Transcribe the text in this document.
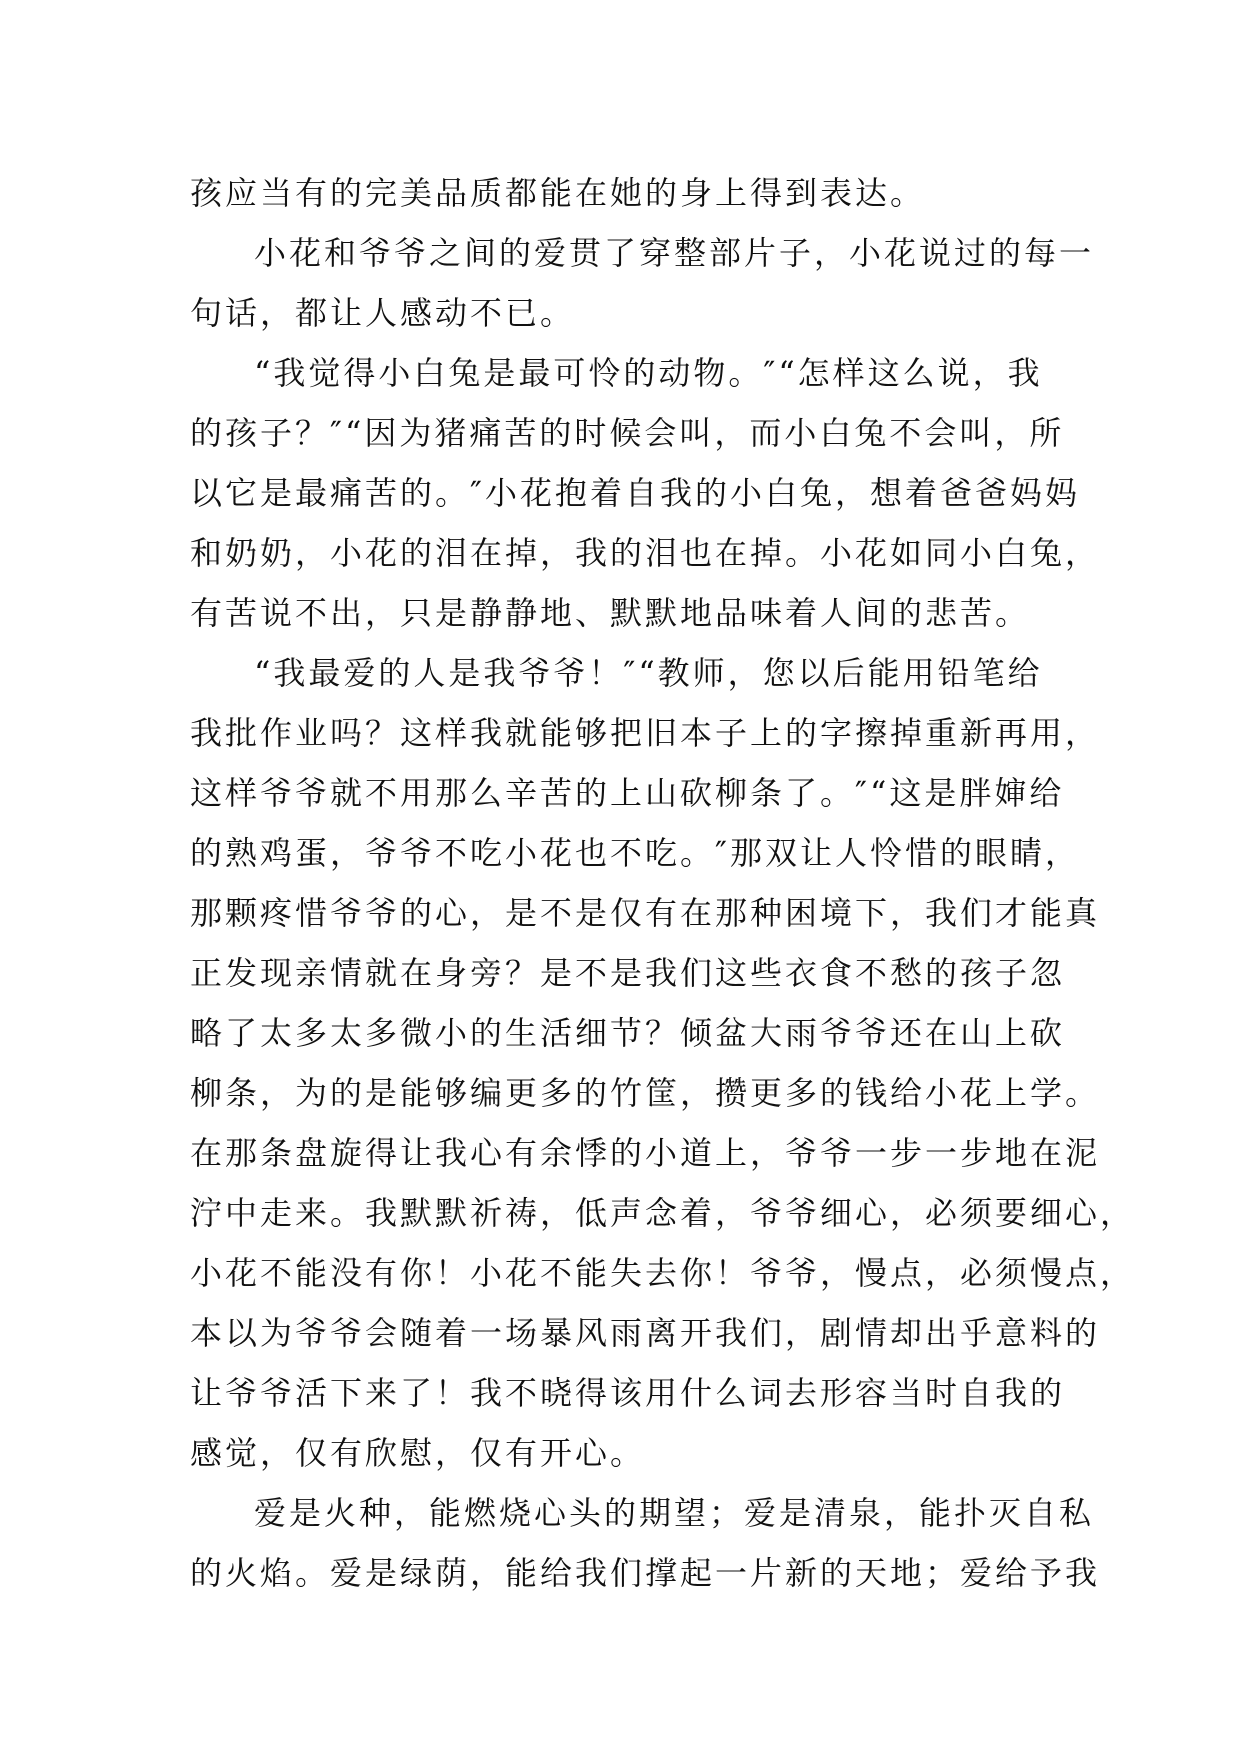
孩应当有的完美品质都能在她的身上得到表达。
小花和爷爷之间的爱贯了穿整部片子，小花说过的每一
句话，都让人感动不已。
“我觉得小白兔是最可怜的动物。″“怎样这么说，我
的孩子？″“因为猪痛苦的时候会叫，而小白兔不会叫，所
以它是最痛苦的。″小花抱着自我的小白兔，想着爸爸妈妈
和奶奶，小花的泪在掉，我的泪也在掉。小花如同小白兔，
有苦说不出，只是静静地、默默地品味着人间的悲苦。
“我最爱的人是我爷爷！″“教师，您以后能用铅笔给
我批作业吗？这样我就能够把旧本子上的字擦掉重新再用，
这样爷爷就不用那么辛苦的上山砍柳条了。″“这是胖婶给
的熟鸡蛋，爷爷不吃小花也不吃。″那双让人怜惜的眼睛，
那颗疼惜爷爷的心，是不是仅有在那种困境下，我们才能真
正发现亲情就在身旁？是不是我们这些衣食不愁的孩子忽
略了太多太多微小的生活细节？倾盆大雨爷爷还在山上砍
柳条，为的是能够编更多的竹筐，攒更多的钱给小花上学。
在那条盘旋得让我心有余悸的小道上，爷爷一步一步地在泥
泞中走来。我默默祈祷，低声念着，爷爷细心，必须要细心，
小花不能没有你！小花不能失去你！爷爷，慢点，必须慢点，
本以为爷爷会随着一场暴风雨离开我们，剧情却出乎意料的
让爷爷活下来了！我不晓得该用什么词去形容当时自我的
感觉，仅有欣慰，仅有开心。
爱是火种，能燃烧心头的期望；爱是清泉，能扑灭自私
的火焰。爱是绿荫，能给我们撑起一片新的天地；爱给予我
